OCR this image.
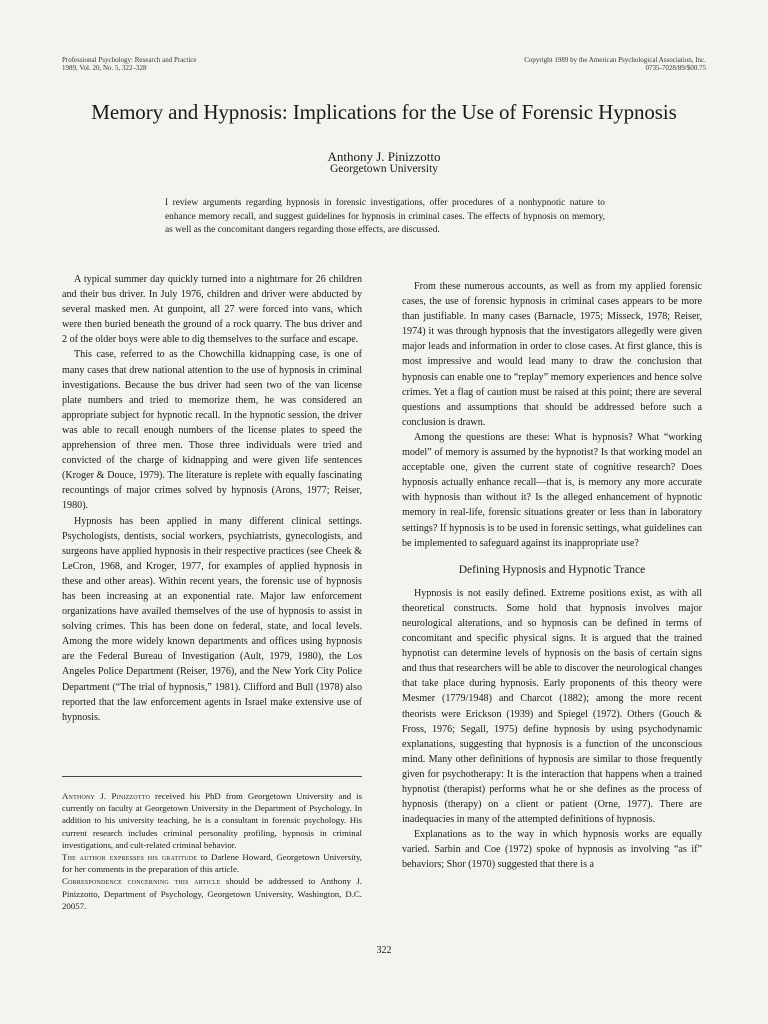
Professional Psychology: Research and Practice
1989, Vol. 20, No. 5, 322–328
Copyright 1989 by the American Psychological Association, Inc.
0735-7028/89/$00.75
Memory and Hypnosis: Implications for the Use of Forensic Hypnosis
Anthony J. Pinizzotto
Georgetown University
I review arguments regarding hypnosis in forensic investigations, offer procedures of a nonhypnotic nature to enhance memory recall, and suggest guidelines for hypnosis in criminal cases. The effects of hypnosis on memory, as well as the concomitant dangers regarding those effects, are discussed.

A typical summer day quickly turned into a nightmare for 26 children and their bus driver. In July 1976, children and driver were abducted by several masked men. At gunpoint, all 27 were forced into vans, which were then buried beneath the ground of a rock quarry. The bus driver and 2 of the older boys were able to dig themselves to the surface and escape.

This case, referred to as the Chowchilla kidnapping case, is one of many cases that drew national attention to the use of hypnosis in criminal investigations. Because the bus driver had seen two of the van license plate numbers and tried to memorize them, he was considered an appropriate subject for hypnotic recall. In the hypnotic session, the driver was able to recall enough numbers of the license plates to speed the apprehension of three men. Those three individuals were tried and convicted of the charge of kidnapping and were given life sentences (Kroger & Douce, 1979). The literature is replete with equally fascinating recountings of major crimes solved by hypnosis (Arons, 1977; Reiser, 1980).

Hypnosis has been applied in many different clinical settings. Psychologists, dentists, social workers, psychiatrists, gynecologists, and surgeons have applied hypnosis in their respective practices (see Cheek & LeCron, 1968, and Kroger, 1977, for examples of applied hypnosis in these and other areas). Within recent years, the forensic use of hypnosis has been increasing at an exponential rate. Major law enforcement organizations have availed themselves of the use of hypnosis to assist in solving crimes. This has been done on federal, state, and local levels. Among the more widely known departments and offices using hypnosis are the Federal Bureau of Investigation (Ault, 1979, 1980), the Los Angeles Police Department (Reiser, 1976), and the New York City Police Department (“The trial of hypnosis,” 1981). Clifford and Bull (1978) also reported that the law enforcement agents in Israel make extensive use of hypnosis.

Anthony J. Pinizzotto received his PhD from Georgetown University and is currently on faculty at Georgetown University in the Department of Psychology. In addition to his university teaching, he is a consultant in forensic psychology. His current research includes criminal personality profiling, hypnosis in criminal investigations, and cult-related criminal behavior.

The author expresses his gratitude to Darlene Howard, Georgetown University, for her comments in the preparation of this article.

Correspondence concerning this article should be addressed to Anthony J. Pinizzotto, Department of Psychology, Georgetown University, Washington, D.C. 20057.

From these numerous accounts, as well as from my applied forensic cases, the use of forensic hypnosis in criminal cases appears to be more than justifiable. In many cases (Barnacle, 1975; Misseck, 1978; Reiser, 1974) it was through hypnosis that the investigators allegedly were given major leads and information in order to close cases. At first glance, this is most impressive and would lead many to draw the conclusion that hypnosis can enable one to “replay” memory experiences and hence solve crimes. Yet a flag of caution must be raised at this point; there are several questions and assumptions that should be addressed before such a conclusion is drawn.

Among the questions are these: What is hypnosis? What “working model” of memory is assumed by the hypnotist? Is that working model an acceptable one, given the current state of cognitive research? Does hypnosis actually enhance recall—that is, is memory any more accurate with hypnosis than without it? Is the alleged enhancement of hypnotic memory in real-life, forensic situations greater or less than in laboratory settings? If hypnosis is to be used in forensic settings, what guidelines can be implemented to safeguard against its inappropriate use?

Defining Hypnosis and Hypnotic Trance

Hypnosis is not easily defined. Extreme positions exist, as with all theoretical constructs. Some hold that hypnosis involves major neurological alterations, and so hypnosis can be defined in terms of concomitant and specific physical signs. It is argued that the trained hypnotist can determine levels of hypnosis on the basis of certain signs and thus that researchers will be able to discover the neurological changes that take place during hypnosis. Early proponents of this theory were Mesmer (1779/1948) and Charcot (1882); among the more recent theorists were Erickson (1939) and Spiegel (1972). Others (Gouch & Fross, 1976; Segall, 1975) define hypnosis by using psychodynamic explanations, suggesting that hypnosis is a function of the unconscious mind. Many other definitions of hypnosis are similar to those frequently given for psychotherapy: It is the interaction that happens when a trained hypnotist (therapist) performs what he or she defines as the process of hypnosis (therapy) on a client or patient (Orne, 1977). There are inadequacies in many of the attempted definitions of hypnosis.

Explanations as to the way in which hypnosis works are equally varied. Sarbin and Coe (1972) spoke of hypnosis as involving “as if” behaviors; Shor (1970) suggested that there is a

322
